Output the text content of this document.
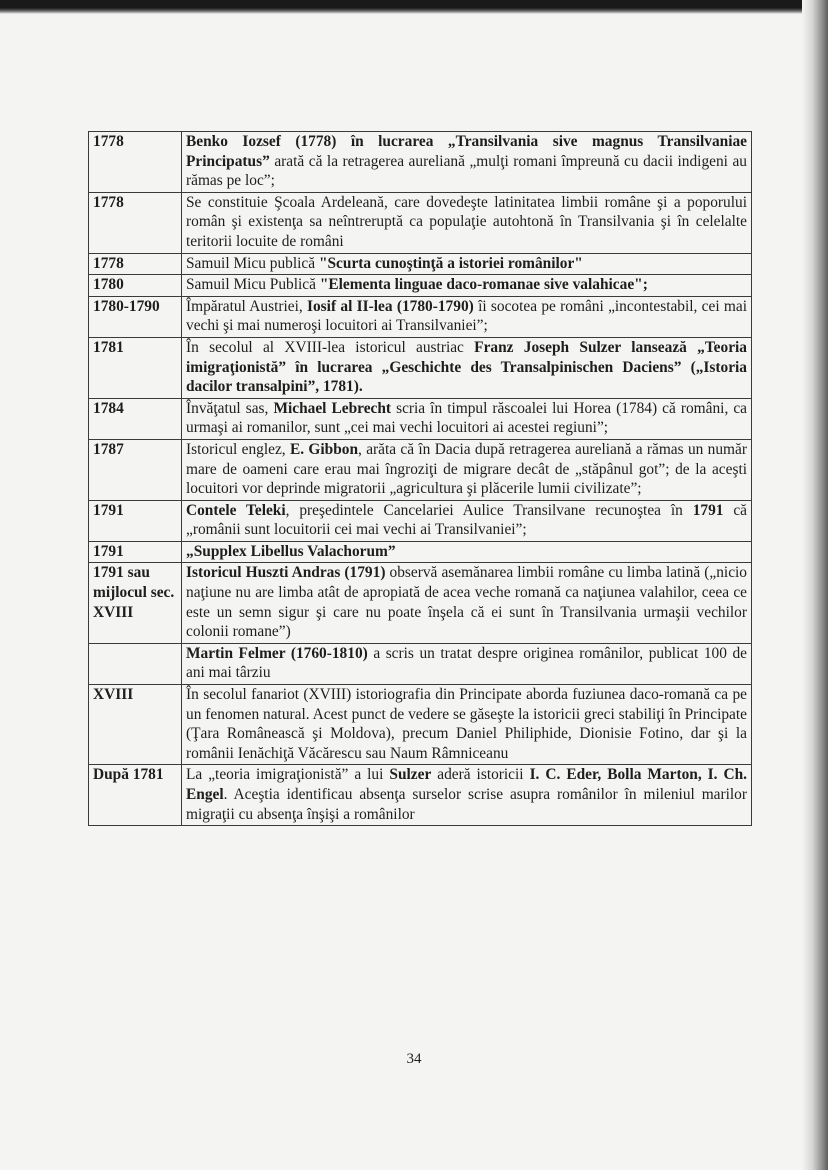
1778	Benko Iozsef (1778) în lucrarea „Transilvania sive magnus Transilvaniae Principatus” arată că la retragerea aureliană „mulţi romani împreună cu dacii indigeni au rămas pe loc”;
1778	Se constituie Şcoala Ardeleană, care dovedeşte latinitatea limbii române şi a poporului român şi existenţa sa neîntreruptă ca populaţie autohtonă în Transilvania şi în celelalte teritorii locuite de români
1778	Samuil Micu publică "Scurta cunoştinţă a istoriei românilor"
1780	Samuil Micu Publică "Elementa linguae daco-romanae sive valahicae";
1780-1790	Împăratul Austriei, Iosif al II-lea (1780-1790) îi socotea pe români „incontestabil, cei mai vechi şi mai numeroşi locuitori ai Transilvaniei”;
1781	În secolul al XVIII-lea istoricul austriac Franz Joseph Sulzer lansează „Teoria imigraţionistă” în lucrarea „Geschichte des Transalpinischen Daciens” („Istoria dacilor transalpini”, 1781).
1784	Învăţatul sas, Michael Lebrecht scria în timpul răscoalei lui Horea (1784) că români, ca urmaşi ai romanilor, sunt „cei mai vechi locuitori ai acestei regiuni”;
1787	Istoricul englez, E. Gibbon, arăta că în Dacia după retragerea aureliană a rămas un număr mare de oameni care erau mai îngroziţi de migrare decât de „stăpânul got”; de la aceşti locuitori vor deprinde migratorii „agricultura şi plăcerile lumii civilizate”;
1791	Contele Teleki, preşedintele Cancelariei Aulice Transilvane recunoştea în 1791 că „românii sunt locuitorii cei mai vechi ai Transilvaniei”;
1791	„Supplex Libellus Valachorum”
1791 sau mijlocul sec. XVIII	Istoricul Huszti Andras (1791) observă asemănarea limbii române cu limba latină („nicio naţiune nu are limba atât de apropiată de acea veche romană ca naţiunea valahilor, ceea ce este un semn sigur şi care nu poate înşela că ei sunt în Transilvania urmaşii vechilor colonii romane”)
	Martin Felmer (1760-1810) a scris un tratat despre originea românilor, publicat 100 de ani mai târziu
XVIII	În secolul fanariot (XVIII) istoriografia din Principate aborda fuziunea daco-romană ca pe un fenomen natural. Acest punct de vedere se găseşte la istoricii greci stabiliţi în Principate (Ţara Românească şi Moldova), precum Daniel Philiphide, Dionisie Fotino, dar şi la românii Ienăchiţă Văcărescu sau Naum Râmniceanu
După 1781	La „teoria imigraţionistă” a lui Sulzer aderă istoricii I. C. Eder, Bolla Marton, I. Ch. Engel. Aceştia identificau absenţa surselor scrise asupra românilor în mileniul marilor migraţii cu absenţa înşişi a românilor
34
